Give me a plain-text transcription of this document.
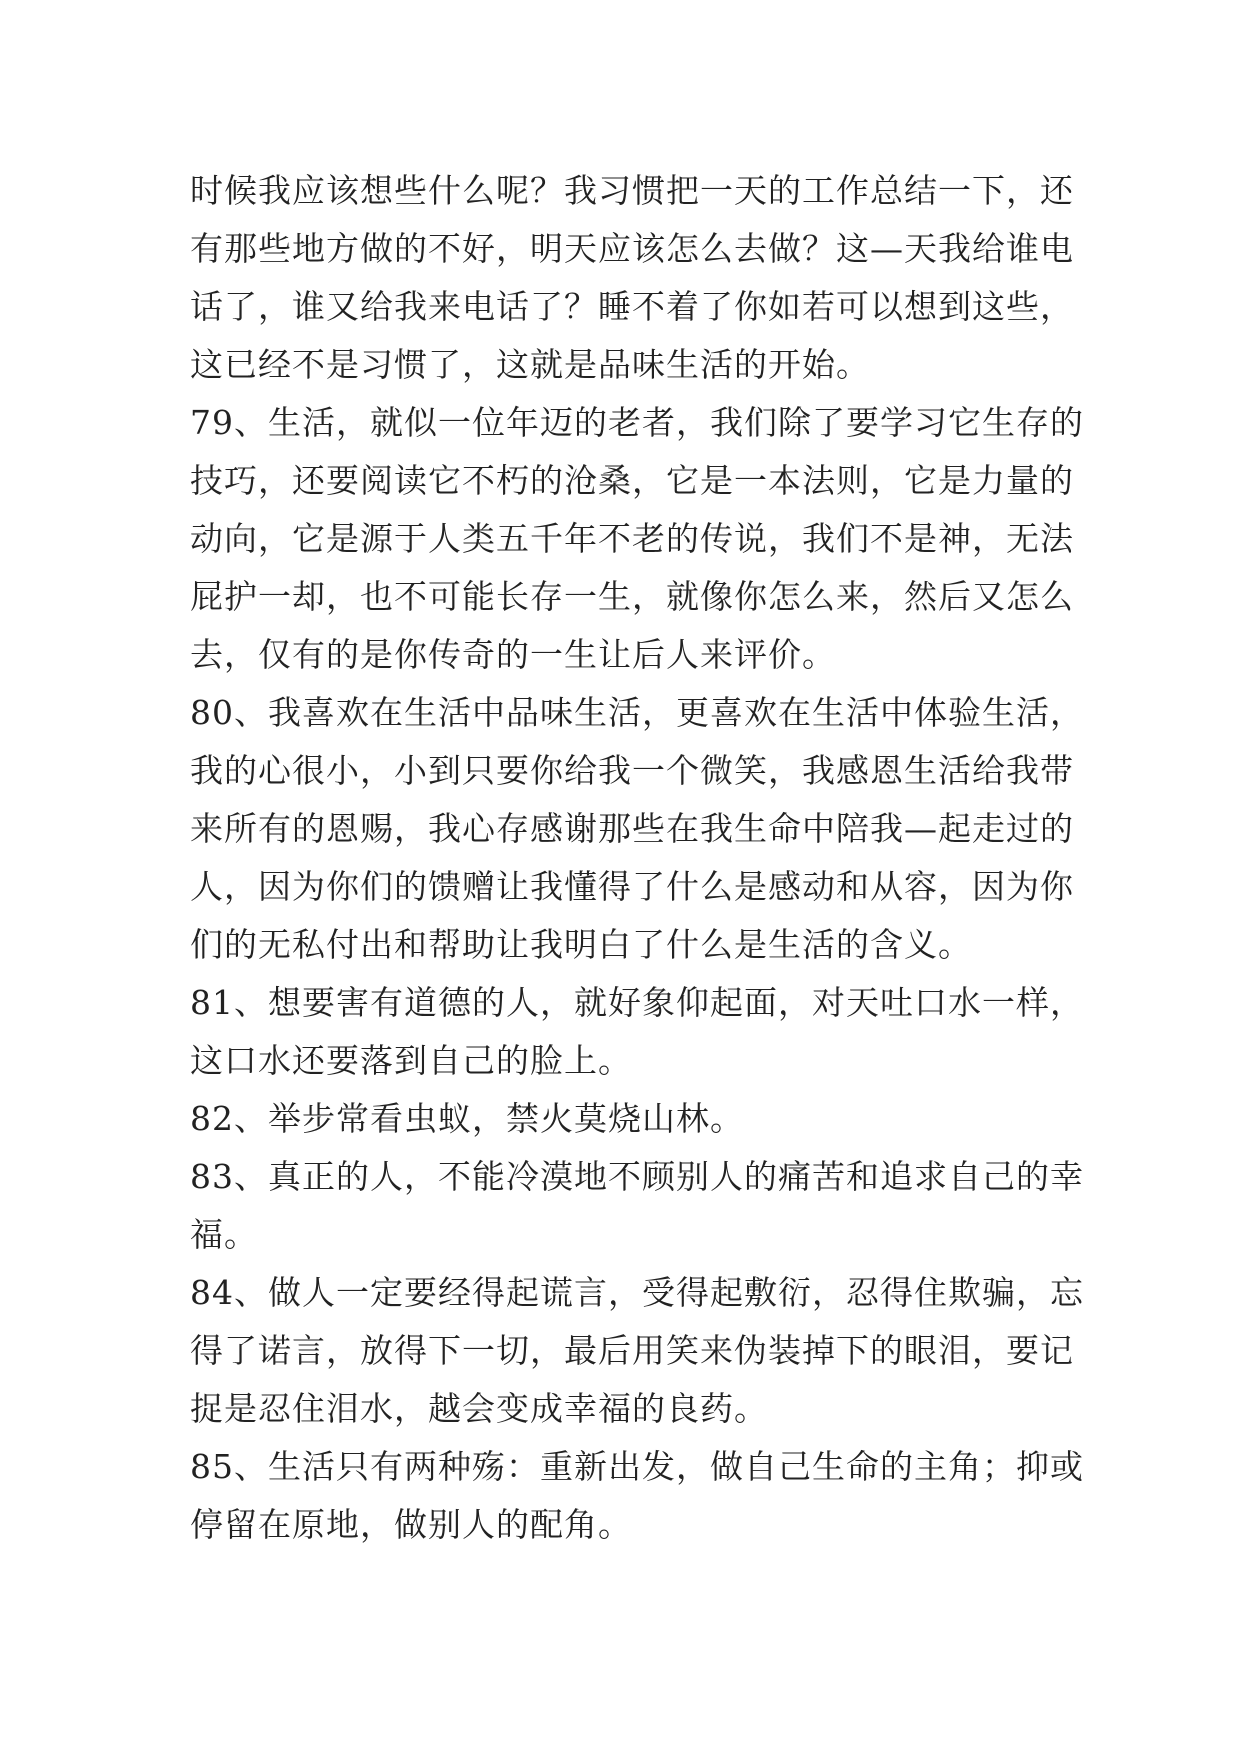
时候我应该想些什么呢？我习惯把一天的工作总结一下，还
有那些地方做的不好，明天应该怎么去做？这—天我给谁电
话了，谁又给我来电话了？睡不着了你如若可以想到这些，
这已经不是习惯了，这就是品味生活的开始。
79、生活，就似一位年迈的老者，我们除了要学习它生存的
技巧，还要阅读它不朽的沧桑，它是一本法则，它是力量的
动向，它是源于人类五千年不老的传说，我们不是神，无法
屁护一却，也不可能长存一生，就像你怎么来，然后又怎么
去，仅有的是你传奇的一生让后人来评价。
80、我喜欢在生活中品味生活，更喜欢在生活中体验生活，
我的心很小，小到只要你给我一个微笑，我感恩生活给我带
来所有的恩赐，我心存感谢那些在我生命中陪我—起走过的
人，因为你们的馈赠让我懂得了什么是感动和从容，因为你
们的无私付出和帮助让我明白了什么是生活的含义。
81、想要害有道德的人，就好象仰起面，对天吐口水一样，
这口水还要落到自己的脸上。
82、举步常看虫蚁，禁火莫烧山林。
83、真正的人，不能冷漠地不顾别人的痛苦和追求自己的幸
福。
84、做人一定要经得起谎言，受得起敷衍，忍得住欺骗，忘
得了诺言，放得下一切，最后用笑来伪装掉下的眼泪，要记
捉是忍住泪水，越会变成幸福的良药。
85、生活只有两种殇：重新出发，做自己生命的主角；抑或
停留在原地，做别人的配角。
